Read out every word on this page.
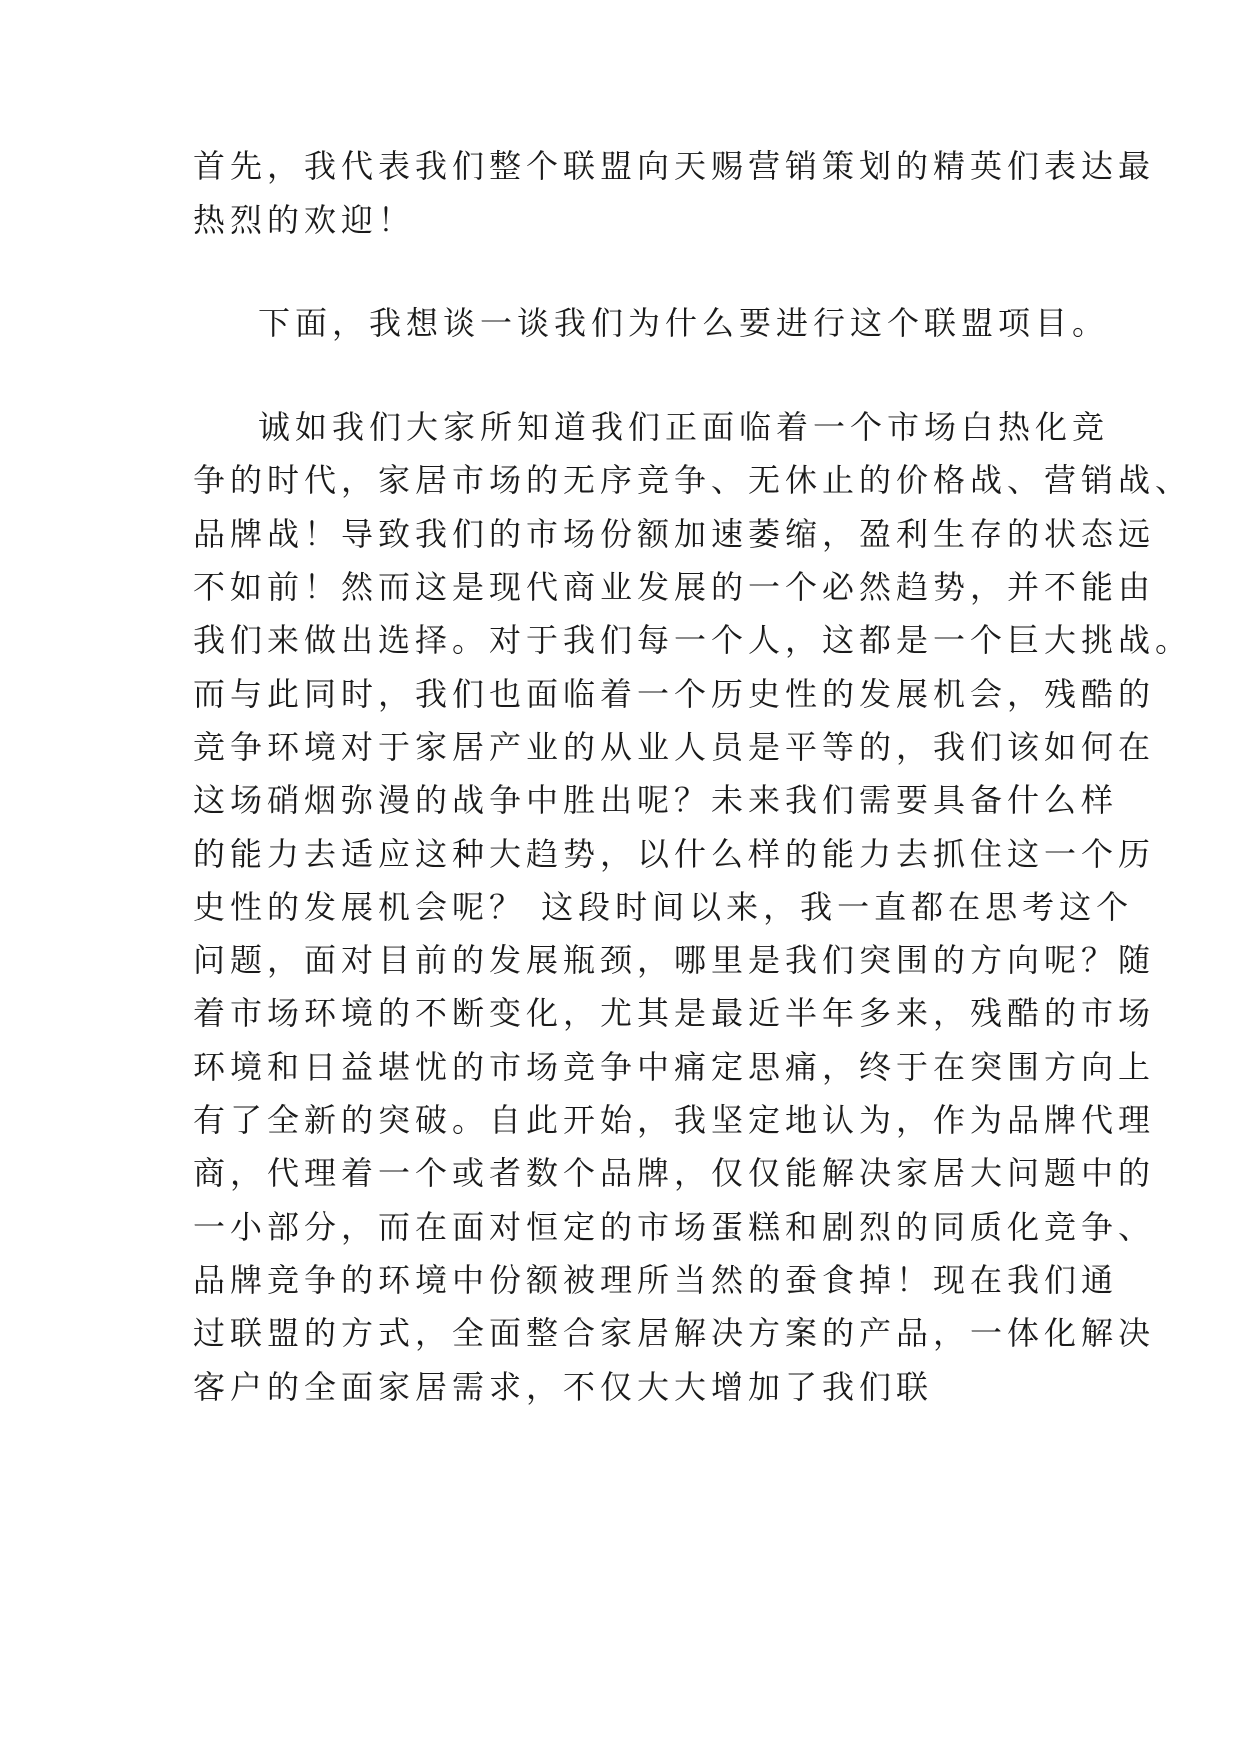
首先，我代表我们整个联盟向天赐营销策划的精英们表达最
热烈的欢迎！
下面，我想谈一谈我们为什么要进行这个联盟项目。
诚如我们大家所知道我们正面临着一个市场白热化竞
争的时代，家居市场的无序竞争、无休止的价格战、营销战、
品牌战！导致我们的市场份额加速萎缩，盈利生存的状态远
不如前！然而这是现代商业发展的一个必然趋势，并不能由
我们来做出选择。对于我们每一个人，这都是一个巨大挑战。
而与此同时，我们也面临着一个历史性的发展机会，残酷的
竞争环境对于家居产业的从业人员是平等的，我们该如何在
这场硝烟弥漫的战争中胜出呢？未来我们需要具备什么样
的能力去适应这种大趋势，以什么样的能力去抓住这一个历
史性的发展机会呢？ 这段时间以来，我一直都在思考这个
问题，面对目前的发展瓶颈，哪里是我们突围的方向呢？随
着市场环境的不断变化，尤其是最近半年多来，残酷的市场
环境和日益堪忧的市场竞争中痛定思痛，终于在突围方向上
有了全新的突破。自此开始，我坚定地认为，作为品牌代理
商，代理着一个或者数个品牌，仅仅能解决家居大问题中的
一小部分，而在面对恒定的市场蛋糕和剧烈的同质化竞争、
品牌竞争的环境中份额被理所当然的蚕食掉！现在我们通
过联盟的方式，全面整合家居解决方案的产品，一体化解决
客户的全面家居需求，不仅大大增加了我们联
